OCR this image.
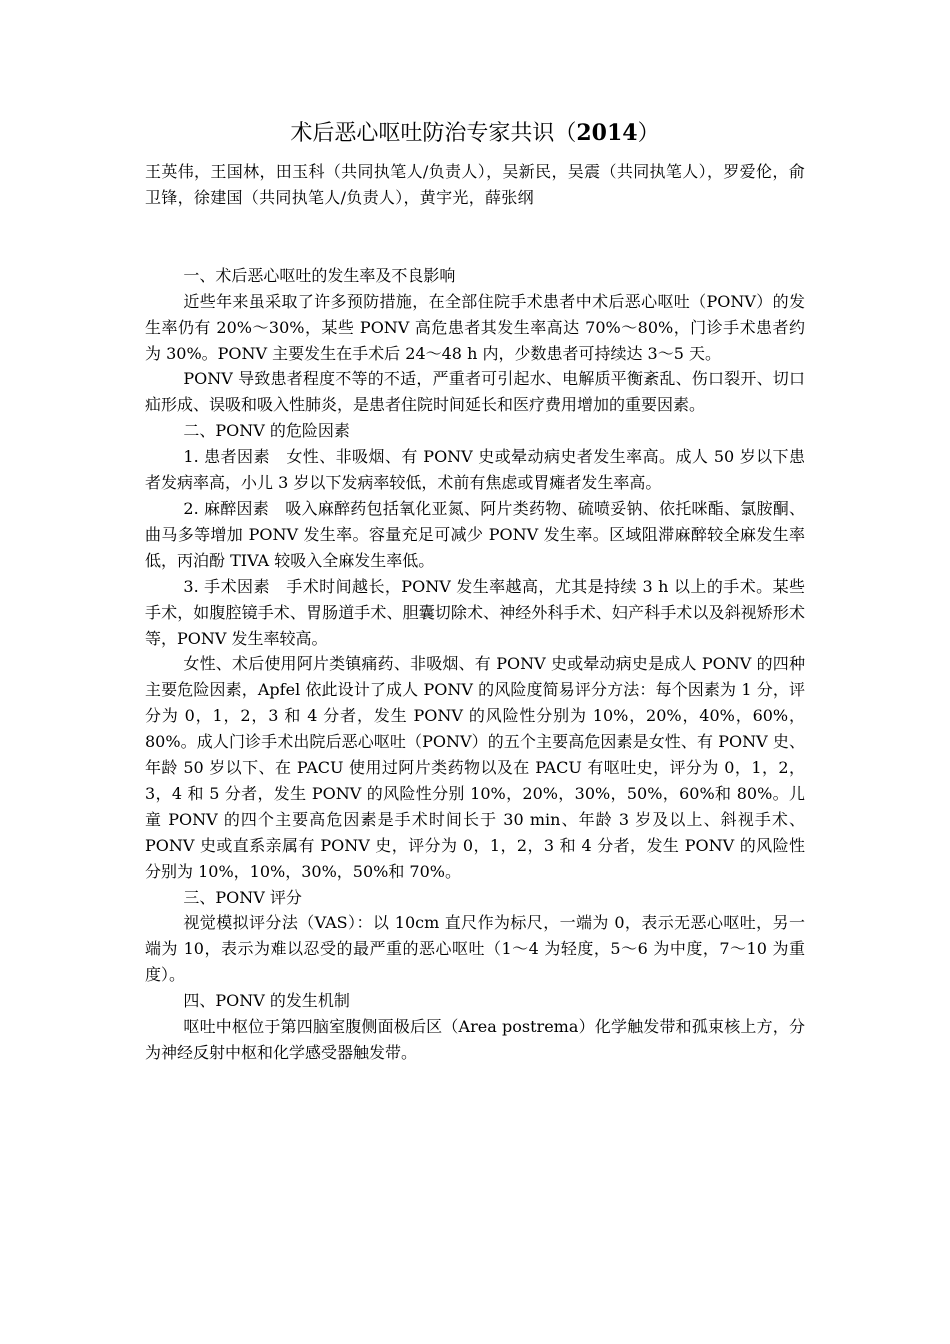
术后恶心呕吐防治专家共识（2014）

王英伟，王国林，田玉科（共同执笔人/负责人），吴新民，吴震（共同执笔人），罗爱伦，俞卫锋，徐建国（共同执笔人/负责人），黄宇光，薛张纲

一、术后恶心呕吐的发生率及不良影响

近些年来虽采取了许多预防措施，在全部住院手术患者中术后恶心呕吐（PONV）的发生率仍有 20%～30%，某些 PONV 高危患者其发生率高达 70%～80%，门诊手术患者约为 30%。PONV 主要发生在手术后 24～48 h 内，少数患者可持续达 3～5 天。

PONV 导致患者程度不等的不适，严重者可引起水、电解质平衡紊乱、伤口裂开、切口疝形成、误吸和吸入性肺炎，是患者住院时间延长和医疗费用增加的重要因素。

二、PONV 的危险因素

1. 患者因素　女性、非吸烟、有 PONV 史或晕动病史者发生率高。成人 50 岁以下患者发病率高，小儿 3 岁以下发病率较低，术前有焦虑或胃瘫者发生率高。

2. 麻醉因素　吸入麻醉药包括氧化亚氮、阿片类药物、硫喷妥钠、依托咪酯、氯胺酮、曲马多等增加 PONV 发生率。容量充足可减少 PONV 发生率。区域阻滞麻醉较全麻发生率低，丙泊酚 TIVA 较吸入全麻发生率低。

3. 手术因素　手术时间越长，PONV 发生率越高，尤其是持续 3 h 以上的手术。某些手术，如腹腔镜手术、胃肠道手术、胆囊切除术、神经外科手术、妇产科手术以及斜视矫形术等，PONV 发生率较高。

女性、术后使用阿片类镇痛药、非吸烟、有 PONV 史或晕动病史是成人 PONV 的四种主要危险因素，Apfel 依此设计了成人 PONV 的风险度简易评分方法：每个因素为 1 分，评分为 0，1，2，3 和 4 分者，发生 PONV 的风险性分别为 10%，20%，40%，60%，80%。成人门诊手术出院后恶心呕吐（PONV）的五个主要高危因素是女性、有 PONV 史、年龄 50 岁以下、在 PACU 使用过阿片类药物以及在 PACU 有呕吐史，评分为 0，1，2，3，4 和 5 分者，发生 PONV 的风险性分别 10%，20%，30%，50%，60%和 80%。儿童 PONV 的四个主要高危因素是手术时间长于 30 min、年龄 3 岁及以上、斜视手术、PONV 史或直系亲属有 PONV 史，评分为 0，1，2，3 和 4 分者，发生 PONV 的风险性分别为 10%，10%，30%，50%和 70%。

三、PONV 评分

视觉模拟评分法（VAS）：以 10cm 直尺作为标尺，一端为 0，表示无恶心呕吐，另一端为 10，表示为难以忍受的最严重的恶心呕吐（1～4 为轻度，5～6 为中度，7～10 为重度）。

四、PONV 的发生机制

呕吐中枢位于第四脑室腹侧面极后区（Area postrema）化学触发带和孤束核上方，分为神经反射中枢和化学感受器触发带。
